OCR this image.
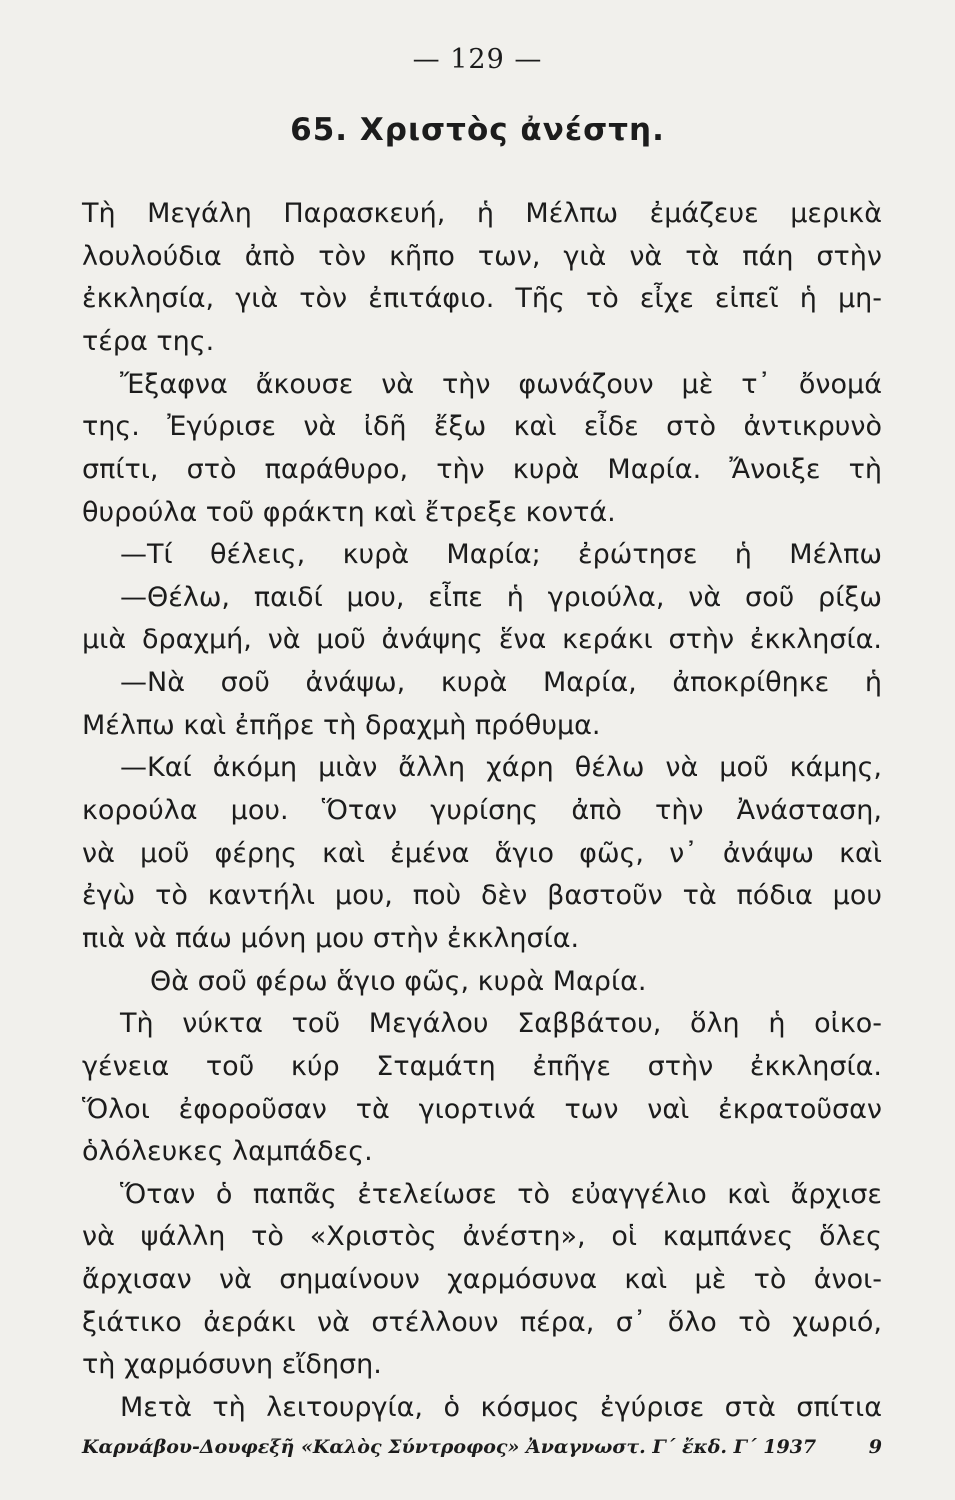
— 129 —
65. Χριστὸς ἀνέστη.
Τὴ Μεγάλη Παρασκευή, ἡ Μέλπω ἐμάζευε μερικὰ
λουλούδια ἀπὸ τὸν κῆπο των, γιὰ νὰ τὰ πάη στὴν
ἐκκλησία, γιὰ τὸν ἐπιτάφιο. Τῆς τὸ εἶχε εἰπεῖ ἡ μη-
τέρα της.
Ἔξαφνα ἄκουσε νὰ τὴν φωνάζουν μὲ τ᾽ ὄνομά
της. Ἐγύρισε νὰ ἰδῆ ἔξω καὶ εἶδε στὸ ἀντικρυνὸ
σπίτι, στὸ παράθυρο, τὴν κυρὰ Μαρία. Ἄνοιξε τὴ
θυρούλα τοῦ φράκτη καὶ ἔτρεξε κοντά.
—Τί θέλεις, κυρὰ Μαρία; ἐρώτησε ἡ Μέλπω
—Θέλω, παιδί μου, εἶπε ἡ γριούλα, νὰ σοῦ ρίξω
μιὰ δραχμή, νὰ μοῦ ἀνάψης ἕνα κεράκι στὴν ἐκκλησία.
—Νὰ σοῦ ἀνάψω, κυρὰ Μαρία, ἀποκρίθηκε ἡ
Μέλπω καὶ ἐπῆρε τὴ δραχμὴ πρόθυμα.
—Καί ἀκόμη μιὰν ἄλλη χάρη θέλω νὰ μοῦ κάμης,
κορούλα μου. Ὅταν γυρίσης ἀπὸ τὴν Ἀνάσταση,
νὰ μοῦ φέρης καὶ ἐμένα ἅγιο φῶς, ν᾽ ἀνάψω καὶ
ἐγὼ τὸ καντήλι μου, ποὺ δὲν βαστοῦν τὰ πόδια μου
πιὰ νὰ πάω μόνη μου στὴν ἐκκλησία.
Θὰ σοῦ φέρω ἅγιο φῶς, κυρὰ Μαρία.
Τὴ νύκτα τοῦ Μεγάλου Σαββάτου, ὅλη ἡ οἰκο-
γένεια τοῦ κύρ Σταμάτη ἐπῆγε στὴν ἐκκλησία.
Ὅλοι ἐφοροῦσαν τὰ γιορτινά των ναὶ ἐκρατοῦσαν
ὁλόλευκες λαμπάδες.
Ὅταν ὁ παπᾶς ἐτελείωσε τὸ εὐαγγέλιο καὶ ἄρχισε
νὰ ψάλλη τὸ «Χριστὸς ἀνέστη», οἱ καμπάνες ὅλες
ἄρχισαν νὰ σημαίνουν χαρμόσυνα καὶ μὲ τὸ ἀνοι-
ξιάτικο ἀεράκι νὰ στέλλουν πέρα, σ᾽ ὅλο τὸ χωριό,
τὴ χαρμόσυνη εἴδηση.
Μετὰ τὴ λειτουργία, ὁ κόσμος ἐγύρισε στὰ σπίτια
Καρνάβου-Δουφεξῆ «Καλὸς Σύντροφος» Ἀναγνωστ. Γ´ ἔκδ. Γ´ 1937	9
